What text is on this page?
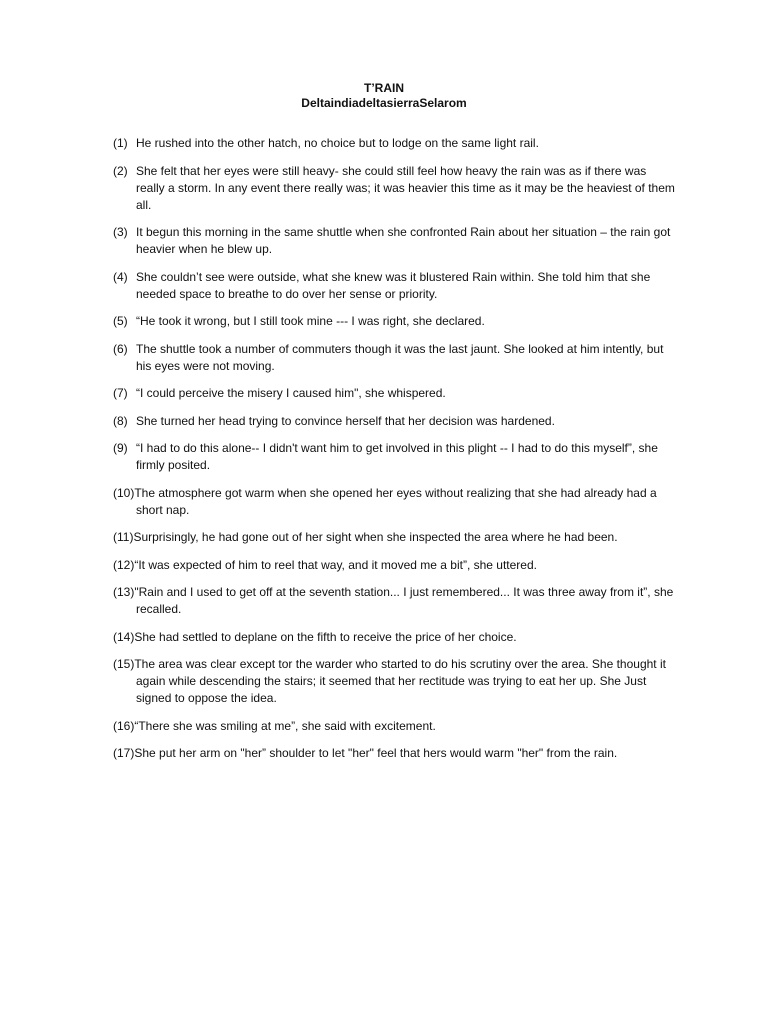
T’RAIN
DeltaindiadeltasierraSelarom
(1) He rushed into the other hatch, no choice but to lodge on the same light rail.
(2) She felt that her eyes were still heavy- she could still feel how heavy the rain was as if there was really a storm. In any event there really was; it was heavier this time as it may be the heaviest of them all.
(3) It begun this morning in the same shuttle when she confronted Rain about her situation – the rain got heavier when he blew up.
(4) She couldn’t see were outside, what she knew was it blustered Rain within. She told him that she needed space to breathe to do over her sense or priority.
(5) “He took it wrong, but I still took mine --- I was right, she declared.
(6) The shuttle took a number of commuters though it was the last jaunt. She looked at him intently, but his eyes were not moving.
(7) “I could perceive the misery I caused him", she whispered.
(8) She turned her head trying to convince herself that her decision was hardened.
(9) “I had to do this alone-- I didn't want him to get involved in this plight -- I had to do this myself”, she firmly posited.
(10)The atmosphere got warm when she opened her eyes without realizing that she had already had a short nap.
(11)Surprisingly, he had gone out of her sight when she inspected the area where he had been.
(12)“It was expected of him to reel that way, and it moved me a bit”, she uttered.
(13)"Rain and I used to get off at the seventh station... I just remembered... It was three away from it”, she recalled.
(14)She had settled to deplane on the fifth to receive the price of her choice.
(15)The area was clear except tor the warder who started to do his scrutiny over the area. She thought it again while descending the stairs; it seemed that her rectitude was trying to eat her up. She Just signed to oppose the idea.
(16)“There she was smiling at me”, she said with excitement.
(17)She put her arm on "her” shoulder to let "her" feel that hers would warm "her" from the rain.
